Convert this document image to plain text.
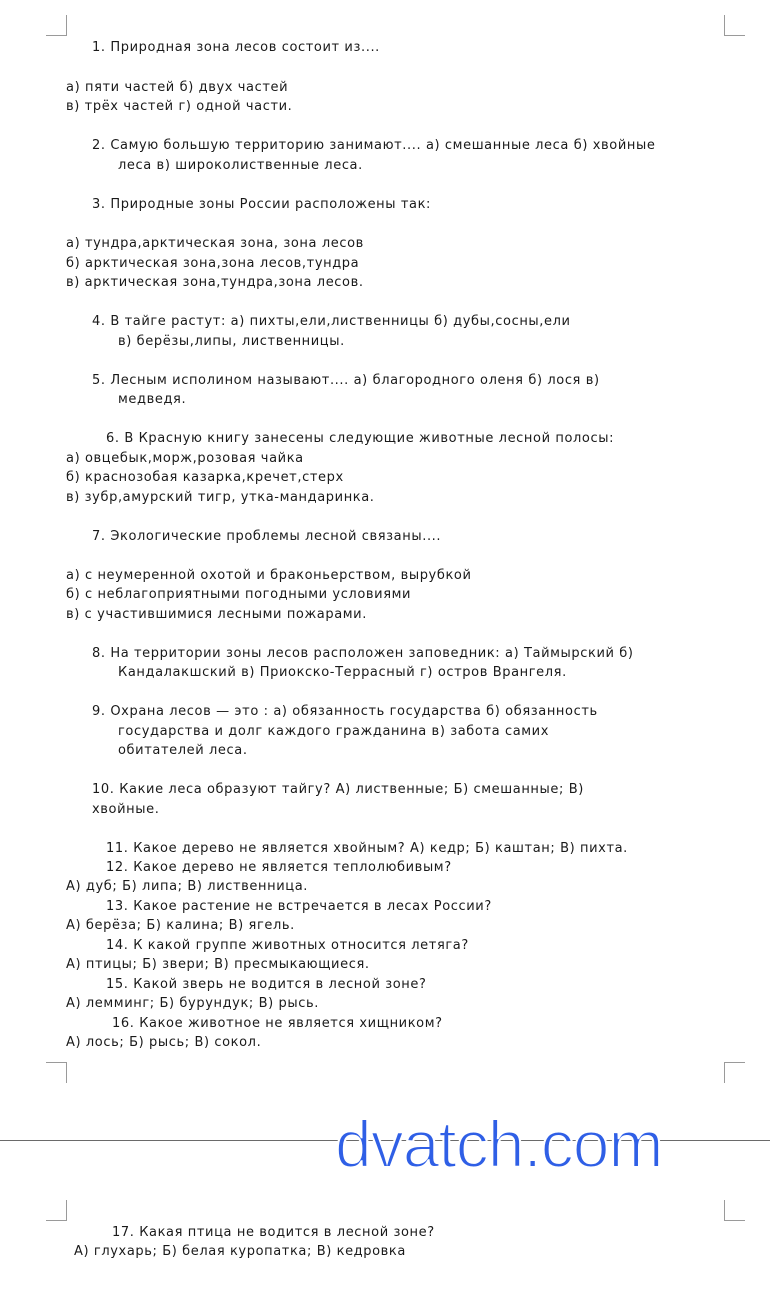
1. Природная зона лесов состоит из....
а) пяти частей б) двух частей
в) трёх частей г) одной части.
2. Самую большую территорию занимают.... а) смешанные леса б) хвойные
леса в) широколиственные леса.
3. Природные зоны России расположены так:
а) тундра,арктическая зона, зона лесов
б) арктическая зона,зона лесов,тундра
в) арктическая зона,тундра,зона лесов.
4. В тайге растут: а) пихты,ели,лиственницы б) дубы,сосны,ели
в) берёзы,липы, лиственницы.
5. Лесным исполином называют.... а) благородного оленя б) лося в)
медведя.
6. В Красную книгу занесены следующие животные лесной полосы:
а) овцебык,морж,розовая чайка
б) краснозобая казарка,кречет,стерх
в) зубр,амурский тигр, утка-мандаринка.
7. Экологические проблемы лесной связаны....
а) с неумеренной охотой и браконьерством, вырубкой
б) с неблагоприятными погодными условиями
в) с участившимися лесными пожарами.
8. На территории зоны лесов расположен заповедник: а) Таймырский б)
Кандалакшский в) Приокско-Террасный г) остров Врангеля.
9. Охрана лесов — это : а) обязанность государства б) обязанность
государства и долг каждого гражданина в) забота самих
обитателей леса.
10. Какие леса образуют тайгу? А) лиственные; Б) смешанные; В)
хвойные.
11. Какое дерево не является хвойным? А) кедр; Б) каштан; В) пихта.
12. Какое дерево не является теплолюбивым?
А) дуб; Б) липа; В) лиственница.
13. Какое растение не встречается в лесах России?
А) берёза; Б) калина; В) ягель.
14. К какой группе животных относится летяга?
А) птицы; Б) звери; В) пресмыкающиеся.
15. Какой зверь не водится в лесной зоне?
А) лемминг; Б) бурундук; В) рысь.
16. Какое животное не является хищником?
А) лось; Б) рысь; В) сокол.
dvatch.com
17. Какая птица не водится в лесной зоне?
А) глухарь; Б) белая куропатка; В) кедровка
